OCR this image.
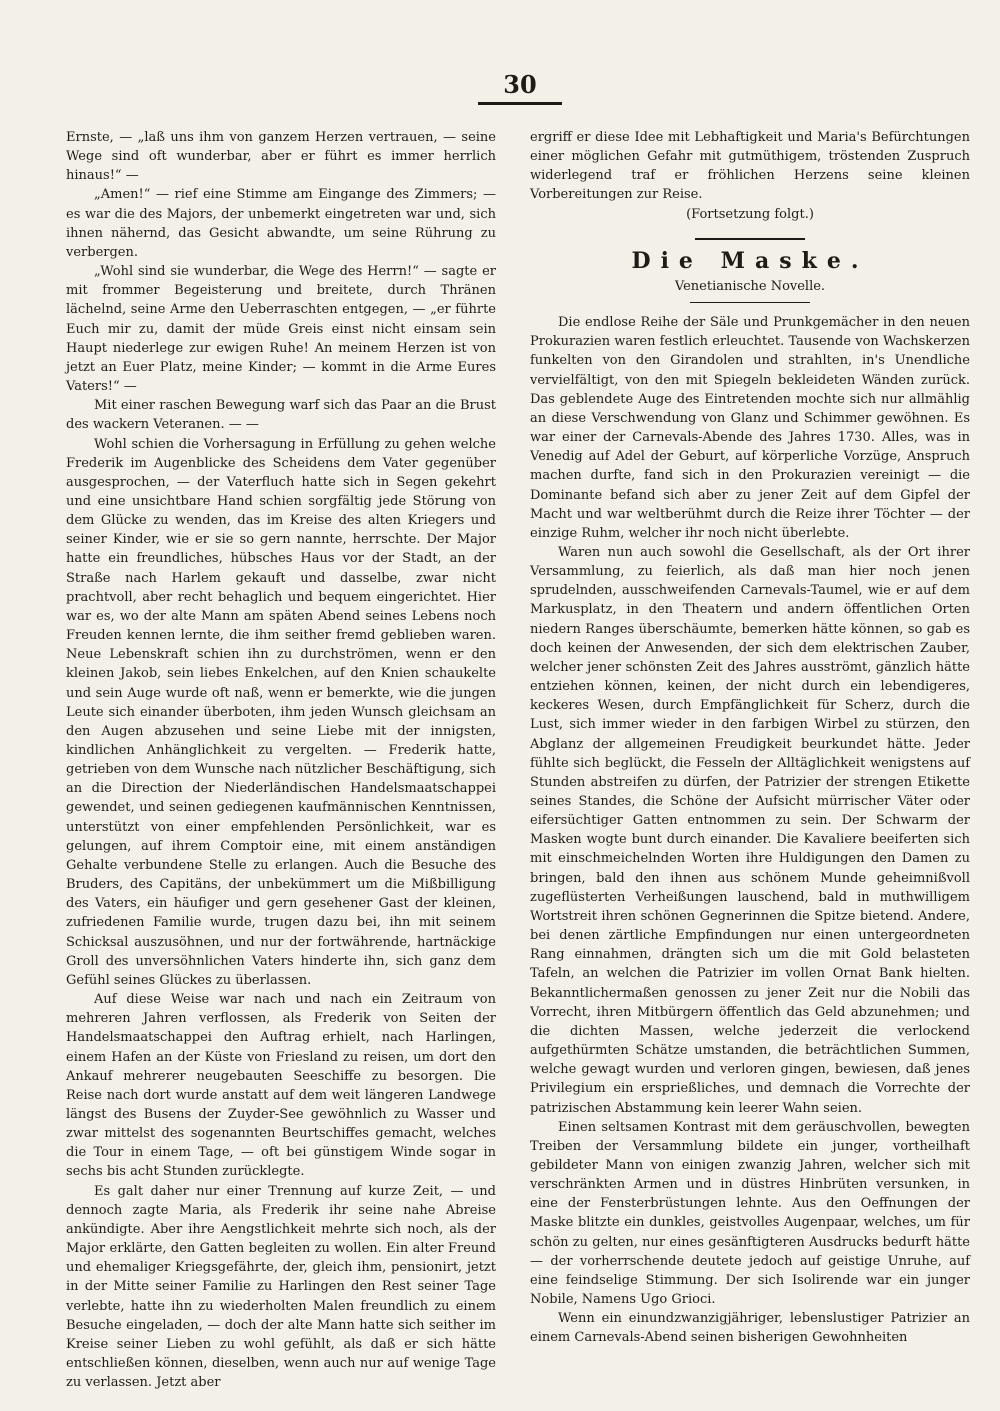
30

Ernste, — „laß uns ihm von ganzem Herzen vertrauen, — seine Wege sind oft wunderbar, aber er führt es immer herrlich hinaus!“ —

„Amen!“ — rief eine Stimme am Eingange des Zimmers; — es war die des Majors, der unbemerkt eingetreten war und, sich ihnen nähernd, das Gesicht abwandte, um seine Rührung zu verbergen.

„Wohl sind sie wunderbar, die Wege des Herrn!“ — sagte er mit frommer Begeisterung und breitete, durch Thränen lächelnd, seine Arme den Ueberraschten entgegen, — „er führte Euch mir zu, damit der müde Greis einst nicht einsam sein Haupt niederlege zur ewigen Ruhe! An meinem Herzen ist von jetzt an Euer Platz, meine Kinder; — kommt in die Arme Eures Vaters!“ —

Mit einer raschen Bewegung warf sich das Paar an die Brust des wackern Veteranen. — —

Wohl schien die Vorhersagung in Erfüllung zu gehen welche Frederik im Augenblicke des Scheidens dem Vater gegenüber ausgesprochen, — der Vaterfluch hatte sich in Segen gekehrt und eine unsichtbare Hand schien sorgfältig jede Störung von dem Glücke zu wenden, das im Kreise des alten Kriegers und seiner Kinder, wie er sie so gern nannte, herrschte. Der Major hatte ein freundliches, hübsches Haus vor der Stadt, an der Straße nach Harlem gekauft und dasselbe, zwar nicht prachtvoll, aber recht behaglich und bequem eingerichtet. Hier war es, wo der alte Mann am späten Abend seines Lebens noch Freuden kennen lernte, die ihm seither fremd geblieben waren. Neue Lebenskraft schien ihn zu durchströmen, wenn er den kleinen Jakob, sein liebes Enkelchen, auf den Knien schaukelte und sein Auge wurde oft naß, wenn er bemerkte, wie die jungen Leute sich einander überboten, ihm jeden Wunsch gleichsam an den Augen abzusehen und seine Liebe mit der innigsten, kindlichen Anhänglichkeit zu vergelten. — Frederik hatte, getrieben von dem Wunsche nach nützlicher Beschäftigung, sich an die Direction der Niederländischen Handelsmaatschappei gewendet, und seinen gediegenen kaufmännischen Kenntnissen, unterstützt von einer empfehlenden Persönlichkeit, war es gelungen, auf ihrem Comptoir eine, mit einem anständigen Gehalte verbundene Stelle zu erlangen. Auch die Besuche des Bruders, des Capitäns, der unbekümmert um die Mißbilligung des Vaters, ein häufiger und gern gesehener Gast der kleinen, zufriedenen Familie wurde, trugen dazu bei, ihn mit seinem Schicksal auszusöhnen, und nur der fortwährende, hartnäckige Groll des unversöhnlichen Vaters hinderte ihn, sich ganz dem Gefühl seines Glückes zu überlassen.

Auf diese Weise war nach und nach ein Zeitraum von mehreren Jahren verflossen, als Frederik von Seiten der Handelsmaatschappei den Auftrag erhielt, nach Harlingen, einem Hafen an der Küste von Friesland zu reisen, um dort den Ankauf mehrerer neugebauten Seeschiffe zu besorgen. Die Reise nach dort wurde anstatt auf dem weit längeren Landwege längst des Busens der Zuyder-See gewöhnlich zu Wasser und zwar mittelst des sogenannten Beurtschiffes gemacht, welches die Tour in einem Tage, — oft bei günstigem Winde sogar in sechs bis acht Stunden zurücklegte.

Es galt daher nur einer Trennung auf kurze Zeit, — und dennoch zagte Maria, als Frederik ihr seine nahe Abreise ankündigte. Aber ihre Aengstlichkeit mehrte sich noch, als der Major erklärte, den Gatten begleiten zu wollen. Ein alter Freund und ehemaliger Kriegsgefährte, der, gleich ihm, pensionirt, jetzt in der Mitte seiner Familie zu Harlingen den Rest seiner Tage verlebte, hatte ihn zu wiederholten Malen freundlich zu einem Besuche eingeladen, — doch der alte Mann hatte sich seither im Kreise seiner Lieben zu wohl gefühlt, als daß er sich hätte entschließen können, dieselben, wenn auch nur auf wenige Tage zu verlassen. Jetzt aber

ergriff er diese Idee mit Lebhaftigkeit und Maria's Befürchtungen einer möglichen Gefahr mit gutmüthigem, tröstenden Zuspruch widerlegend traf er fröhlichen Herzens seine kleinen Vorbereitungen zur Reise.

(Fortsetzung folgt.)

Die Maske.
Venetianische Novelle.

Die endlose Reihe der Säle und Prunkgemächer in den neuen Prokurazien waren festlich erleuchtet. Tausende von Wachskerzen funkelten von den Girandolen und strahlten, in's Unendliche vervielfältigt, von den mit Spiegeln bekleideten Wänden zurück. Das geblendete Auge des Eintretenden mochte sich nur allmählig an diese Verschwendung von Glanz und Schimmer gewöhnen. Es war einer der Carnevals-Abende des Jahres 1730. Alles, was in Venedig auf Adel der Geburt, auf körperliche Vorzüge, Anspruch machen durfte, fand sich in den Prokurazien vereinigt — die Dominante befand sich aber zu jener Zeit auf dem Gipfel der Macht und war weltberühmt durch die Reize ihrer Töchter — der einzige Ruhm, welcher ihr noch nicht überlebte.

Waren nun auch sowohl die Gesellschaft, als der Ort ihrer Versammlung, zu feierlich, als daß man hier noch jenen sprudelnden, ausschweifenden Carnevals-Taumel, wie er auf dem Markusplatz, in den Theatern und andern öffentlichen Orten niedern Ranges überschäumte, bemerken hätte können, so gab es doch keinen der Anwesenden, der sich dem elektrischen Zauber, welcher jener schönsten Zeit des Jahres ausströmt, gänzlich hätte entziehen können, keinen, der nicht durch ein lebendigeres, keckeres Wesen, durch Empfänglichkeit für Scherz, durch die Lust, sich immer wieder in den farbigen Wirbel zu stürzen, den Abglanz der allgemeinen Freudigkeit beurkundet hätte. Jeder fühlte sich beglückt, die Fesseln der Alltäglichkeit wenigstens auf Stunden abstreifen zu dürfen, der Patrizier der strengen Etikette seines Standes, die Schöne der Aufsicht mürrischer Väter oder eifersüchtiger Gatten entnommen zu sein. Der Schwarm der Masken wogte bunt durch einander. Die Kavaliere beeiferten sich mit einschmeichelnden Worten ihre Huldigungen den Damen zu bringen, bald den ihnen aus schönem Munde geheimnißvoll zugeflüsterten Verheißungen lauschend, bald in muthwilligem Wortstreit ihren schönen Gegnerinnen die Spitze bietend. Andere, bei denen zärtliche Empfindungen nur einen untergeordneten Rang einnahmen, drängten sich um die mit Gold belasteten Tafeln, an welchen die Patrizier im vollen Ornat Bank hielten. Bekanntlichermaßen genossen zu jener Zeit nur die Nobili das Vorrecht, ihren Mitbürgern öffentlich das Geld abzunehmen; und die dichten Massen, welche jederzeit die verlockend aufgethürmten Schätze umstanden, die beträchtlichen Summen, welche gewagt wurden und verloren gingen, bewiesen, daß jenes Privilegium ein ersprießliches, und demnach die Vorrechte der patrizischen Abstammung kein leerer Wahn seien.

Einen seltsamen Kontrast mit dem geräuschvollen, bewegten Treiben der Versammlung bildete ein junger, vortheilhaft gebildeter Mann von einigen zwanzig Jahren, welcher sich mit verschränkten Armen und in düstres Hinbrüten versunken, in eine der Fensterbrüstungen lehnte. Aus den Oeffnungen der Maske blitzte ein dunkles, geistvolles Augenpaar, welches, um für schön zu gelten, nur eines gesänftigteren Ausdrucks bedurft hätte — der vorherrschende deutete jedoch auf geistige Unruhe, auf eine feindselige Stimmung. Der sich Isolirende war ein junger Nobile, Namens Ugo Grioci.

Wenn ein einundzwanzigjähriger, lebenslustiger Patrizier an einem Carnevals-Abend seinen bisherigen Gewohnheiten
